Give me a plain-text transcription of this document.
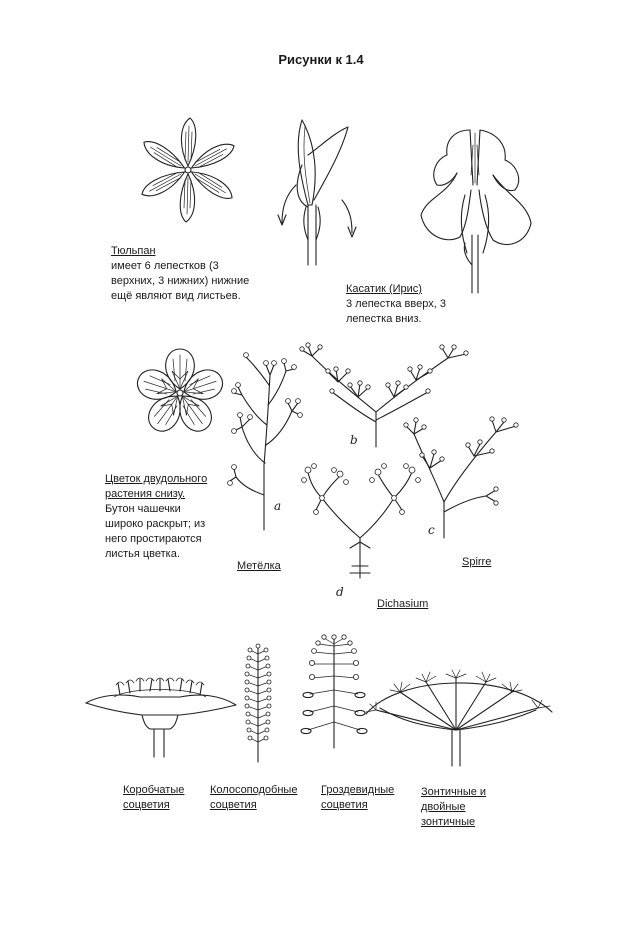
Рисунки к 1.4
Тюльпан
имеет 6 лепестков (3
верхних, 3 нижних) нижние
ещё являют вид листьев.
Касатик (Ирис)
3 лепестка вверх, 3
лепестка вниз.
a
b
d
c
Цветок двудольного
растения снизу.
Бутон чашечки
широко раскрыт; из
него простираются
листья цветка.
Метёлка	Spirre
Dichasium
Коробчатые
соцветия
Колосоподобные
соцветия
Гроздевидные
соцветия
Зонтичные и
двойные
зонтичные
